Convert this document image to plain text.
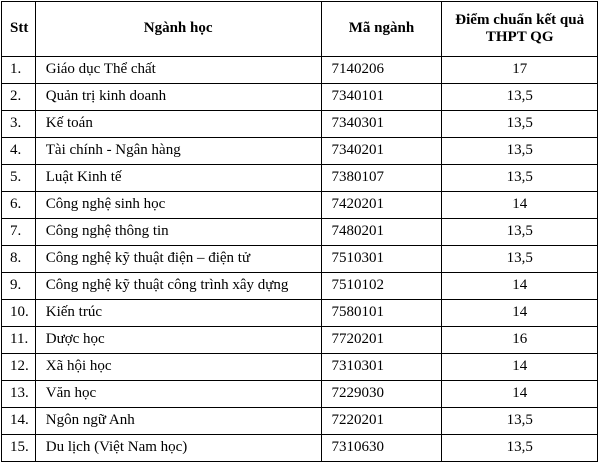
Stt	Ngành học	Mã ngành	Điểm chuẩn kết quả
THPT QG
1.	Giáo dục Thể chất	7140206	17
2.	Quản trị kinh doanh	7340101	13,5
3.	Kế toán	7340301	13,5
4.	Tài chính - Ngân hàng	7340201	13,5
5.	Luật Kinh tế	7380107	13,5
6.	Công nghệ sinh học	7420201	14
7.	Công nghệ thông tin	7480201	13,5
8.	Công nghệ kỹ thuật điện – điện tử	7510301	13,5
9.	Công nghệ kỹ thuật công trình xây dựng	7510102	14
10.	Kiến trúc	7580101	14
11.	Dược học	7720201	16
12.	Xã hội học	7310301	14
13.	Văn học	7229030	14
14.	Ngôn ngữ Anh	7220201	13,5
15.	Du lịch (Việt Nam học)	7310630	13,5
